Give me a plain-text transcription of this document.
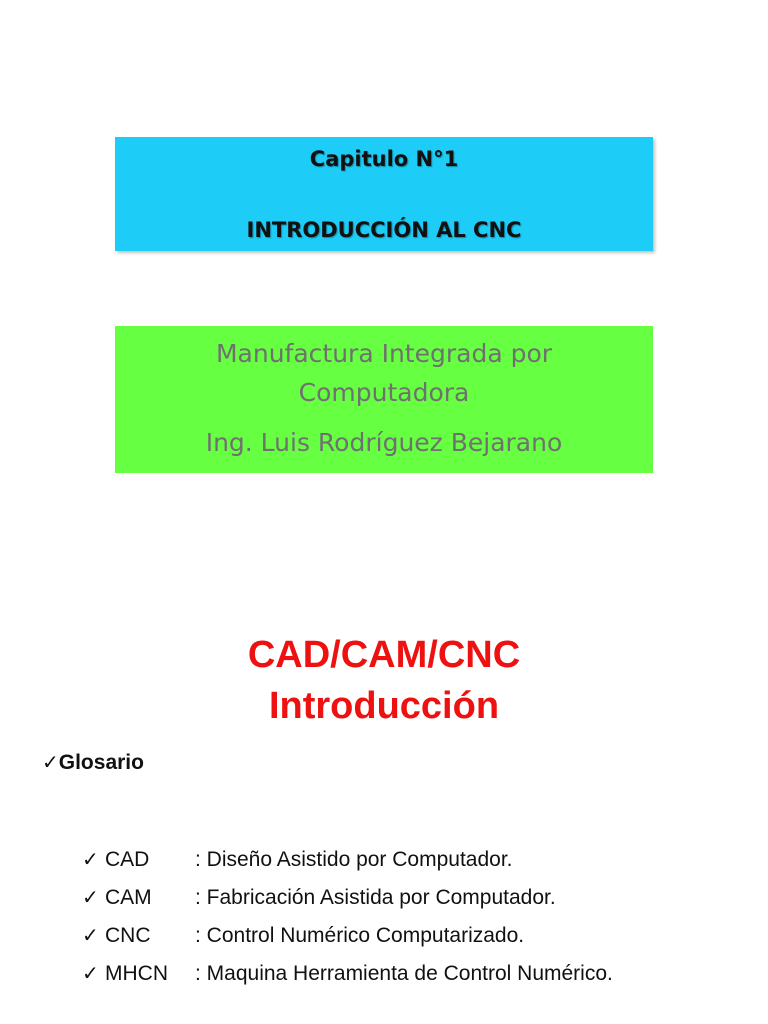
Capitulo N°1
INTRODUCCIÓN AL CNC
Manufactura Integrada por
Computadora
Ing. Luis Rodríguez Bejarano
CAD/CAM/CNC
Introducción
✓Glosario
✓ CAD : Diseño Asistido por Computador.
✓ CAM : Fabricación Asistida por Computador.
✓ CNC : Control Numérico Computarizado.
✓ MHCN : Maquina Herramienta de Control Numérico.
